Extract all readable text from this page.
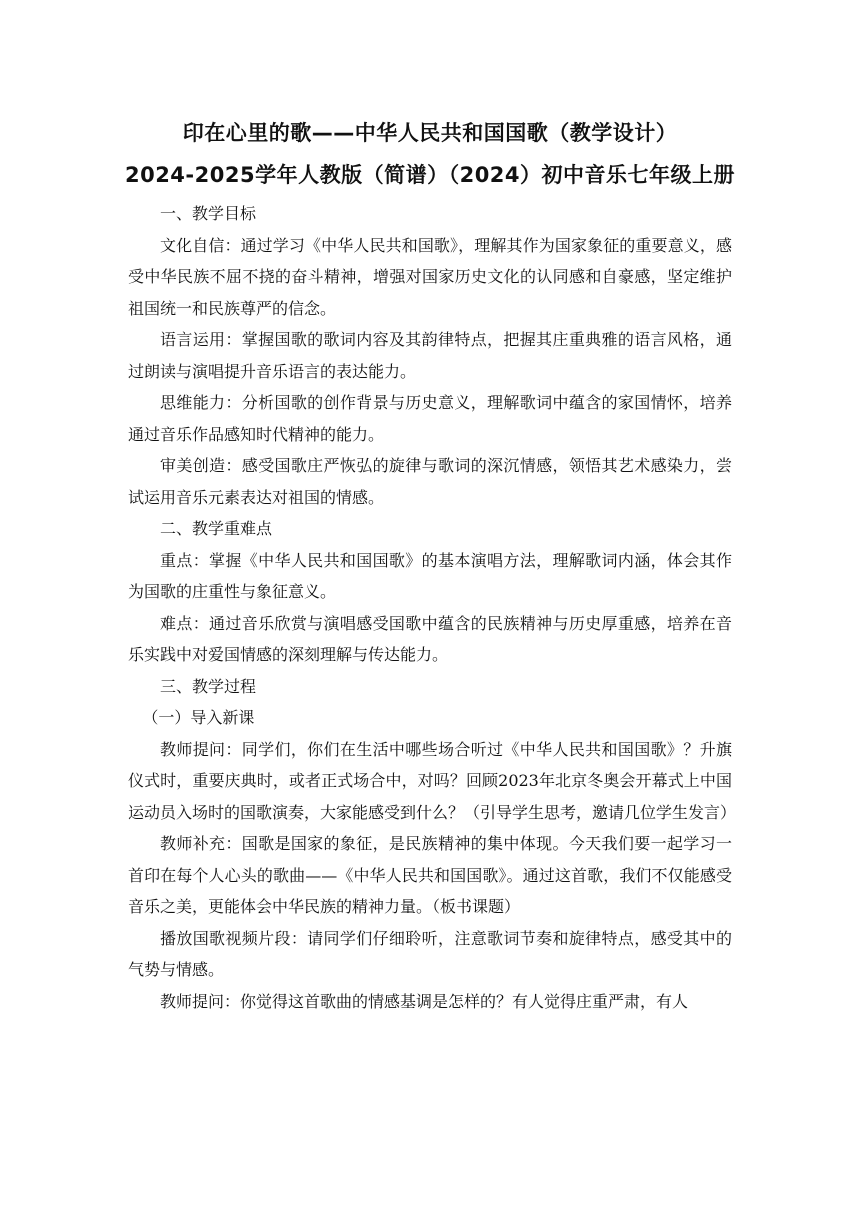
印在心里的歌——中华人民共和国国歌（教学设计）
2024-2025学年人教版（简谱）（2024）初中音乐七年级上册

一、教学目标

文化自信：通过学习《中华人民共和国歌》，理解其作为国家象征的重要意义，感受中华民族不屈不挠的奋斗精神，增强对国家历史文化的认同感和自豪感，坚定维护祖国统一和民族尊严的信念。

语言运用：掌握国歌的歌词内容及其韵律特点，把握其庄重典雅的语言风格，通过朗读与演唱提升音乐语言的表达能力。

思维能力：分析国歌的创作背景与历史意义，理解歌词中蕴含的家国情怀，培养通过音乐作品感知时代精神的能力。

审美创造：感受国歌庄严恢弘的旋律与歌词的深沉情感，领悟其艺术感染力，尝试运用音乐元素表达对祖国的情感。

二、教学重难点

重点：掌握《中华人民共和国国歌》的基本演唱方法，理解歌词内涵，体会其作为国歌的庄重性与象征意义。

难点：通过音乐欣赏与演唱感受国歌中蕴含的民族精神与历史厚重感，培养在音乐实践中对爱国情感的深刻理解与传达能力。

三、教学过程

（一）导入新课

教师提问：同学们，你们在生活中哪些场合听过《中华人民共和国国歌》？升旗仪式时，重要庆典时，或者正式场合中，对吗？回顾2023年北京冬奥会开幕式上中国运动员入场时的国歌演奏，大家能感受到什么？（引导学生思考，邀请几位学生发言）

教师补充：国歌是国家的象征，是民族精神的集中体现。今天我们要一起学习一首印在每个人心头的歌曲——《中华人民共和国国歌》。通过这首歌，我们不仅能感受音乐之美，更能体会中华民族的精神力量。（板书课题）

播放国歌视频片段：请同学们仔细聆听，注意歌词节奏和旋律特点，感受其中的气势与情感。

教师提问：你觉得这首歌曲的情感基调是怎样的？有人觉得庄重严肃，有人
